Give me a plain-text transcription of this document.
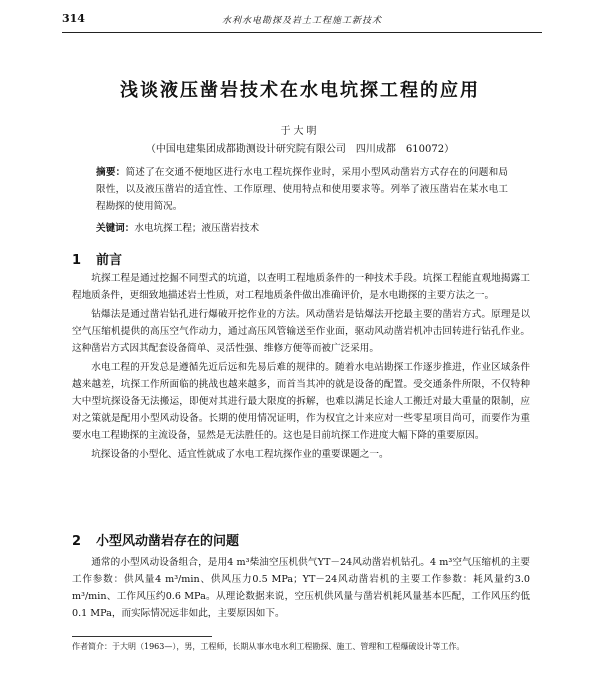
314	水利水电勘探及岩土工程施工新技术
浅谈液压凿岩技术在水电坑探工程的应用
于大明
（中国电建集团成都勘测设计研究院有限公司　四川成都　610072）
摘要：简述了在交通不便地区进行水电工程坑探作业时，采用小型风动凿岩方式存在的问题和局限性，以及液压凿岩的适宜性、工作原理、使用特点和使用要求等。列举了液压凿岩在某水电工程勘探的使用简况。
关键词：水电坑探工程；液压凿岩技术
1 前言

坑探工程是通过挖掘不同型式的坑道，以查明工程地质条件的一种技术手段。坑探工程能直观地揭露工程地质条件，更细致地描述岩土性质，对工程地质条件做出准确评价，是水电勘探的主要方法之一。

钻爆法是通过凿岩钻孔进行爆破开挖作业的方法。风动凿岩是钻爆法开挖最主要的凿岩方式。原理是以空气压缩机提供的高压空气作动力，通过高压风管输送至作业面，驱动风动凿岩机冲击回转进行钻孔作业。这种凿岩方式因其配套设备简单、灵活性强、维修方便等而被广泛采用。

水电工程的开发总是遵循先近后远和先易后难的规律的。随着水电站勘探工作逐步推进，作业区域条件越来越差，坑探工作所面临的挑战也越来越多，而首当其冲的就是设备的配置。受交通条件所限，不仅特种大中型坑探设备无法搬运，即便对其进行最大限度的拆解，也难以满足长途人工搬迁对最大重量的限制，应对之策就是配用小型风动设备。长期的使用情况证明，作为权宜之计来应对一些零星项目尚可，而要作为重要水电工程勘探的主流设备，显然是无法胜任的。这也是目前坑探工作进度大幅下降的重要原因。

坑探设备的小型化、适宜性就成了水电工程坑探作业的重要课题之一。

2 小型风动凿岩存在的问题

通常的小型风动设备组合，是用4 m³柴油空压机供气YT－24风动凿岩机钻孔。4 m³空气压缩机的主要工作参数：供风量4 m³/min、供风压力0.5 MPa；YT－24风动凿岩机的主要工作参数：耗风量约3.0 m³/min、工作风压约0.6 MPa。从理论数据来说，空压机供风量与凿岩机耗风量基本匹配，工作风压约低0.1 MPa，而实际情况远非如此，主要原因如下。

作者简介：于大明（1963—），男，工程师，长期从事水电水利工程勘探、施工、管理和工程爆破设计等工作。
